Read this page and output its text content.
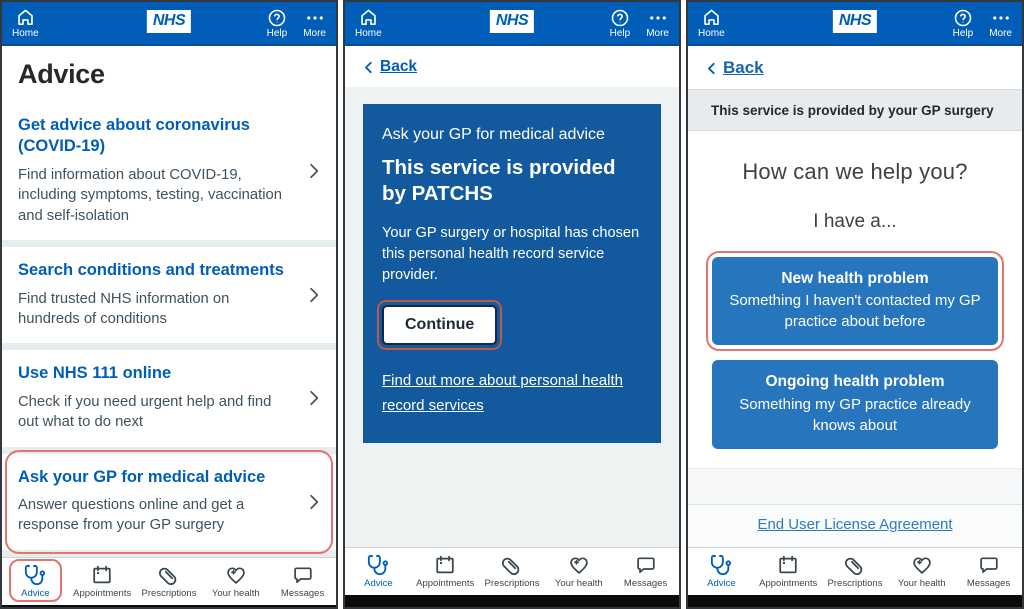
Home
NHS
Help More
Advice
Get advice about coronavirus (COVID-19)
Find information about COVID-19, including symptoms, testing, vaccination and self-isolation
Search conditions and treatments
Find trusted NHS information on hundreds of conditions
Use NHS 111 online
Check if you need urgent help and find out what to do next
Ask your GP for medical advice
Answer questions online and get a response from your GP surgery
Advice Appointments Prescriptions Your health Messages
Home
NHS
Help More
Back
Ask your GP for medical advice
This service is provided by PATCHS
Your GP surgery or hospital has chosen this personal health record service provider.
Continue
Find out more about personal health record services
Advice Appointments Prescriptions Your health Messages
Home
NHS
Help More
Back
This service is provided by your GP surgery
How can we help you?
I have a...
New health problem
Something I haven't contacted my GP practice about before
Ongoing health problem
Something my GP practice already knows about
End User License Agreement
Advice Appointments Prescriptions Your health Messages
